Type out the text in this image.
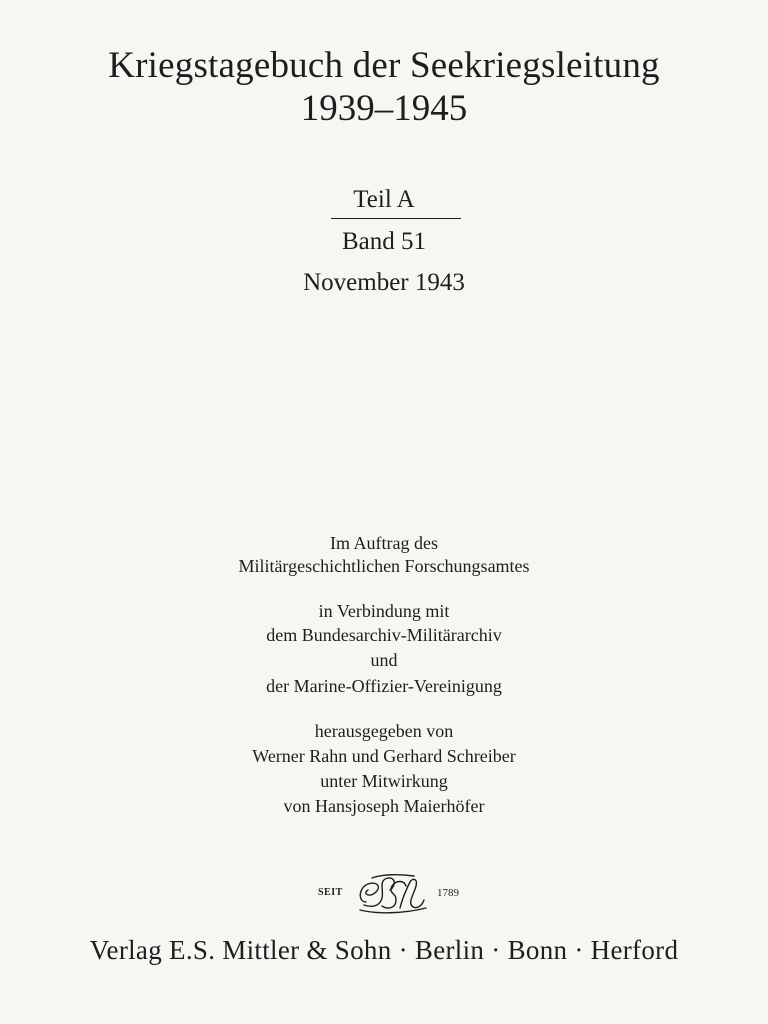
Kriegstagebuch der Seekriegsleitung
1939–1945
Teil A
Band 51
November 1943
Im Auftrag des
Militärgeschichtlichen Forschungsamtes
in Verbindung mit
dem Bundesarchiv-Militärarchiv
und
der Marine-Offizier-Vereinigung
herausgegeben von
Werner Rahn und Gerhard Schreiber
unter Mitwirkung
von Hansjoseph Maierhöfer
SEIT	1789
Verlag E.S. Mittler & Sohn · Berlin · Bonn · Herford
